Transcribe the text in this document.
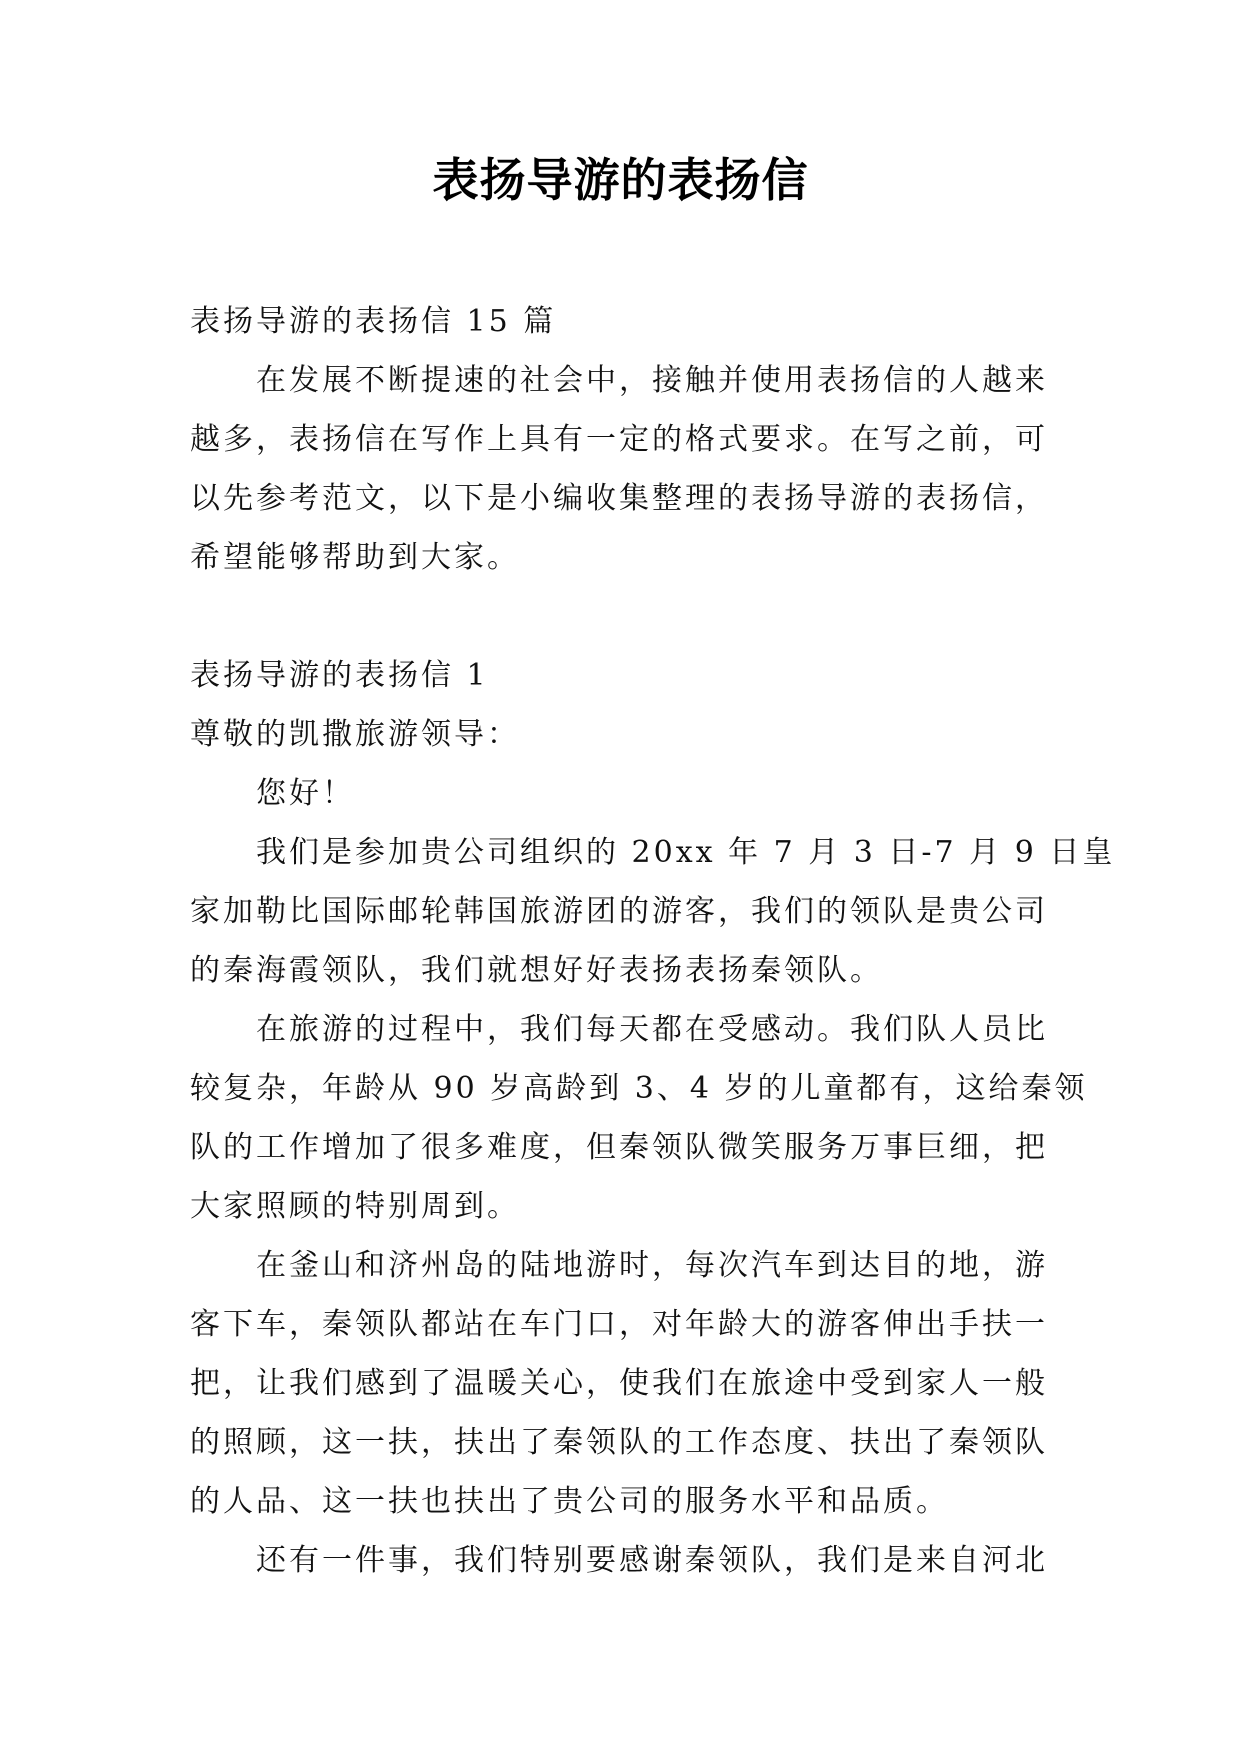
表扬导游的表扬信

表扬导游的表扬信 15 篇

在发展不断提速的社会中，接触并使用表扬信的人越来

越多，表扬信在写作上具有一定的格式要求。在写之前，可

以先参考范文，以下是小编收集整理的表扬导游的表扬信，

希望能够帮助到大家。

表扬导游的表扬信 1

尊敬的凯撒旅游领导：

您好！

我们是参加贵公司组织的 20xx 年 7 月 3 日-7 月 9 日皇

家加勒比国际邮轮韩国旅游团的游客，我们的领队是贵公司

的秦海霞领队，我们就想好好表扬表扬秦领队。

在旅游的过程中，我们每天都在受感动。我们队人员比

较复杂，年龄从 90 岁高龄到 3、4 岁的儿童都有，这给秦领

队的工作增加了很多难度，但秦领队微笑服务万事巨细，把

大家照顾的特别周到。

在釜山和济州岛的陆地游时，每次汽车到达目的地，游

客下车，秦领队都站在车门口，对年龄大的游客伸出手扶一

把，让我们感到了温暖关心，使我们在旅途中受到家人一般

的照顾，这一扶，扶出了秦领队的工作态度、扶出了秦领队

的人品、这一扶也扶出了贵公司的服务水平和品质。

还有一件事，我们特别要感谢秦领队，我们是来自河北
